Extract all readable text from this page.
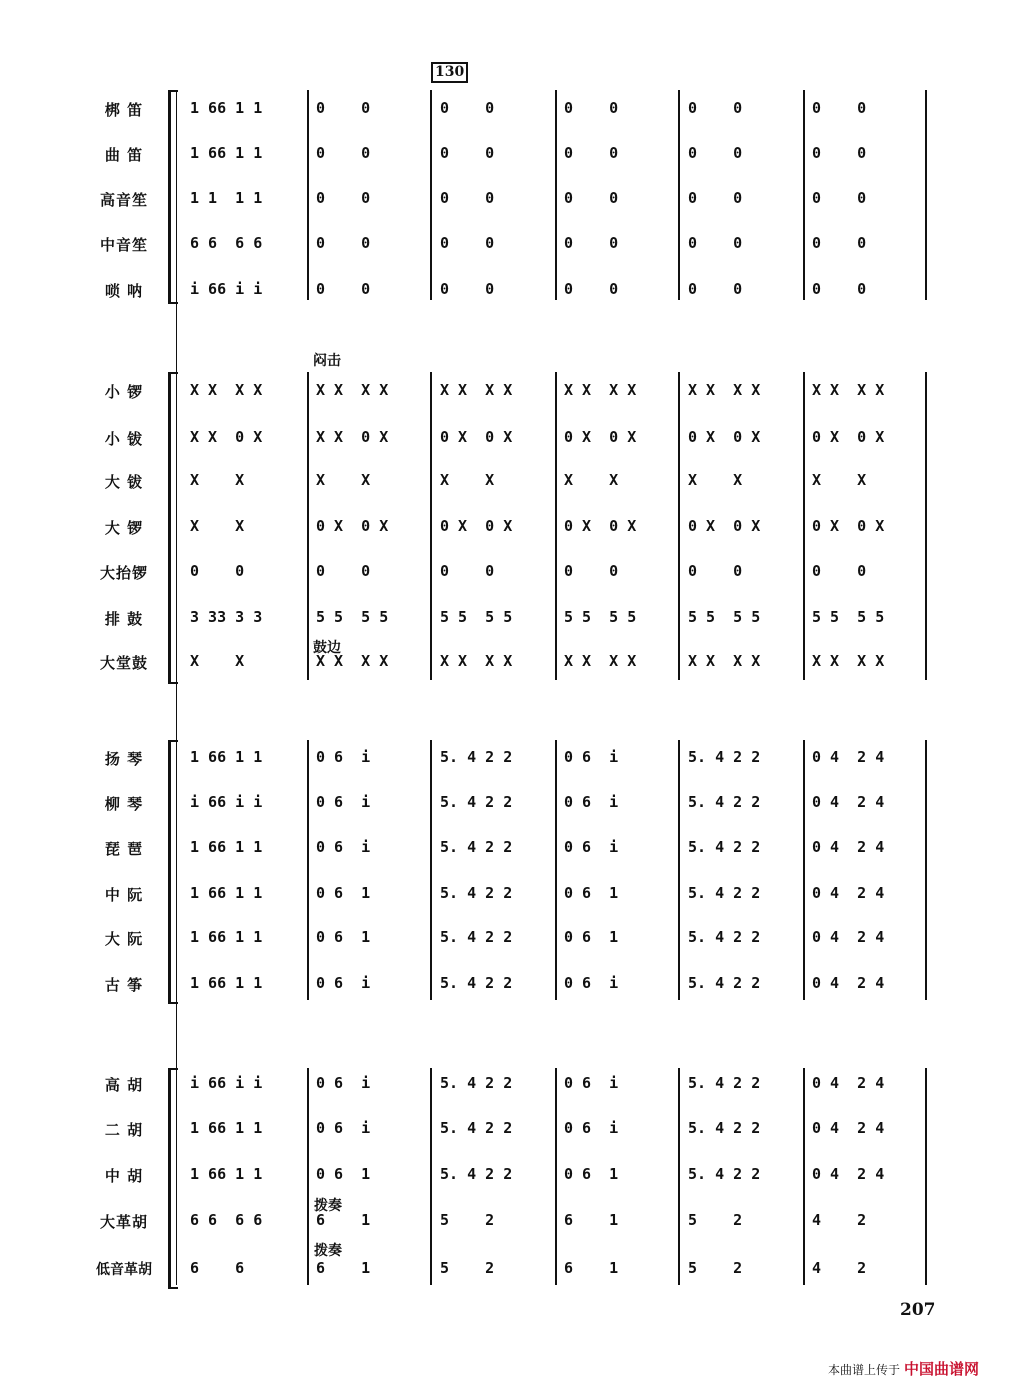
梆 笛	1 66 1 1	0    0	0    0	0    0	0    0	0    0
曲 笛	1 66 1 1	0    0	0    0	0    0	0    0	0    0
高音笙	1 1  1 1	0    0	0    0	0    0	0    0	0    0
中音笙	6 6  6 6	0    0	0    0	0    0	0    0	0    0
唢 呐	i 66 i i	0    0	0    0	0    0	0    0	0    0
小 锣	X X  X X	X X  X X	X X  X X	X X  X X	X X  X X	X X  X X
小 钹	X X  0 X	X X  0 X	0 X  0 X	0 X  0 X	0 X  0 X	0 X  0 X
大 钹	X    X	X    X	X    X	X    X	X    X	X    X
大 锣	X    X	0 X  0 X	0 X  0 X	0 X  0 X	0 X  0 X	0 X  0 X
大抬锣	0    0	0    0	0    0	0    0	0    0	0    0
排 鼓	3 33 3 3	5 5  5 5	5 5  5 5	5 5  5 5	5 5  5 5	5 5  5 5
大堂鼓	X    X	X X  X X	X X  X X	X X  X X	X X  X X	X X  X X
扬 琴	1 66 1 1	0 6  i	5. 4 2 2	0 6  i	5. 4 2 2	0 4  2 4
柳 琴	i 66 i i	0 6  i	5. 4 2 2	0 6  i	5. 4 2 2	0 4  2 4
琵 琶	1 66 1 1	0 6  i	5. 4 2 2	0 6  i	5. 4 2 2	0 4  2 4
中 阮	1 66 1 1	0 6  1	5. 4 2 2	0 6  1	5. 4 2 2	0 4  2 4
大 阮	1 66 1 1	0 6  1	5. 4 2 2	0 6  1	5. 4 2 2	0 4  2 4
古 筝	1 66 1 1	0 6  i	5. 4 2 2	0 6  i	5. 4 2 2	0 4  2 4
高 胡	i 66 i i	0 6  i	5. 4 2 2	0 6  i	5. 4 2 2	0 4  2 4
二 胡	1 66 1 1	0 6  i	5. 4 2 2	0 6  i	5. 4 2 2	0 4  2 4
中 胡	1 66 1 1	0 6  1	5. 4 2 2	0 6  1	5. 4 2 2	0 4  2 4
大革胡	6 6  6 6	6    1	5    2	6    1	5    2	4    2
低音革胡	6    6	6    1	5    2	6    1	5    2	4    2
130
207
本曲谱上传于 中国曲谱网
闷击
鼓边
拨奏
拨奏
